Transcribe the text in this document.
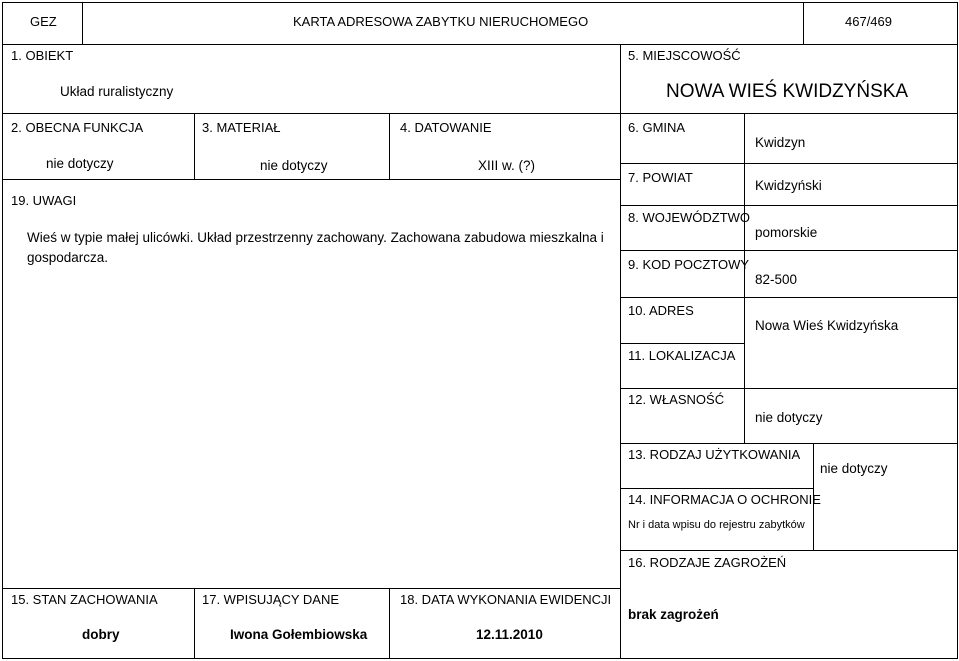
GEZ	KARTA ADRESOWA ZABYTKU NIERUCHOMEGO	467/469
1. OBIEKT
Układ ruralistyczny
5. MIEJSCOWOŚĆ
NOWA WIEŚ KWIDZYŃSKA
2. OBECNA FUNKCJA
nie dotyczy
3. MATERIAŁ
nie dotyczy
4. DATOWANIE
XIII w. (?)
19. UWAGI
Wieś w typie małej ulicówki. Układ przestrzenny zachowany. Zachowana zabudowa mieszkalna i
gospodarcza.
6. GMINA
Kwidzyn
7. POWIAT
Kwidzyński
8. WOJEWÓDZTWO
pomorskie
9. KOD POCZTOWY
82-500
10. ADRES
Nowa Wieś Kwidzyńska
11. LOKALIZACJA
12. WŁASNOŚĆ
nie dotyczy
13. RODZAJ UŻYTKOWANIA
nie dotyczy
14. INFORMACJA O OCHRONIE
Nr i data wpisu do rejestru zabytków
16. RODZAJE ZAGROŻEŃ
brak zagrożeń
15. STAN ZACHOWANIA
dobry
17. WPISUJĄCY DANE
Iwona Gołembiowska
18. DATA WYKONANIA EWIDENCJI
12.11.2010
